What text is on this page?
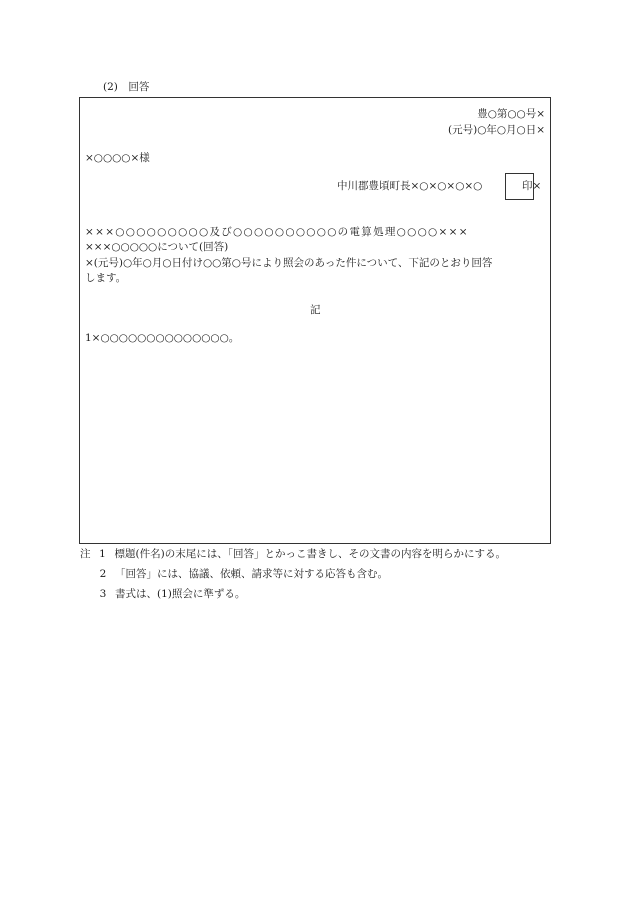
(2)　回答
豊○第○○号×
(元号)○年○月○日×
×○○○○×様
中川郡豊頃町長×○×○×○×○	印×
×××○○○○○○○○○及び○○○○○○○○○○の電算処理○○○○×××
×××○○○○○について(回答)
×(元号)○年○月○日付け○○第○号により照会のあった件について、下記のとおり回答
します。
記
1×○○○○○○○○○○○○○○。
注 1 標題(件名)の末尾には、「回答」とかっこ書きし、その文書の内容を明らかにする。
2 「回答」には、協議、依頼、請求等に対する応答も含む。
3 書式は、(1)照会に準ずる。
